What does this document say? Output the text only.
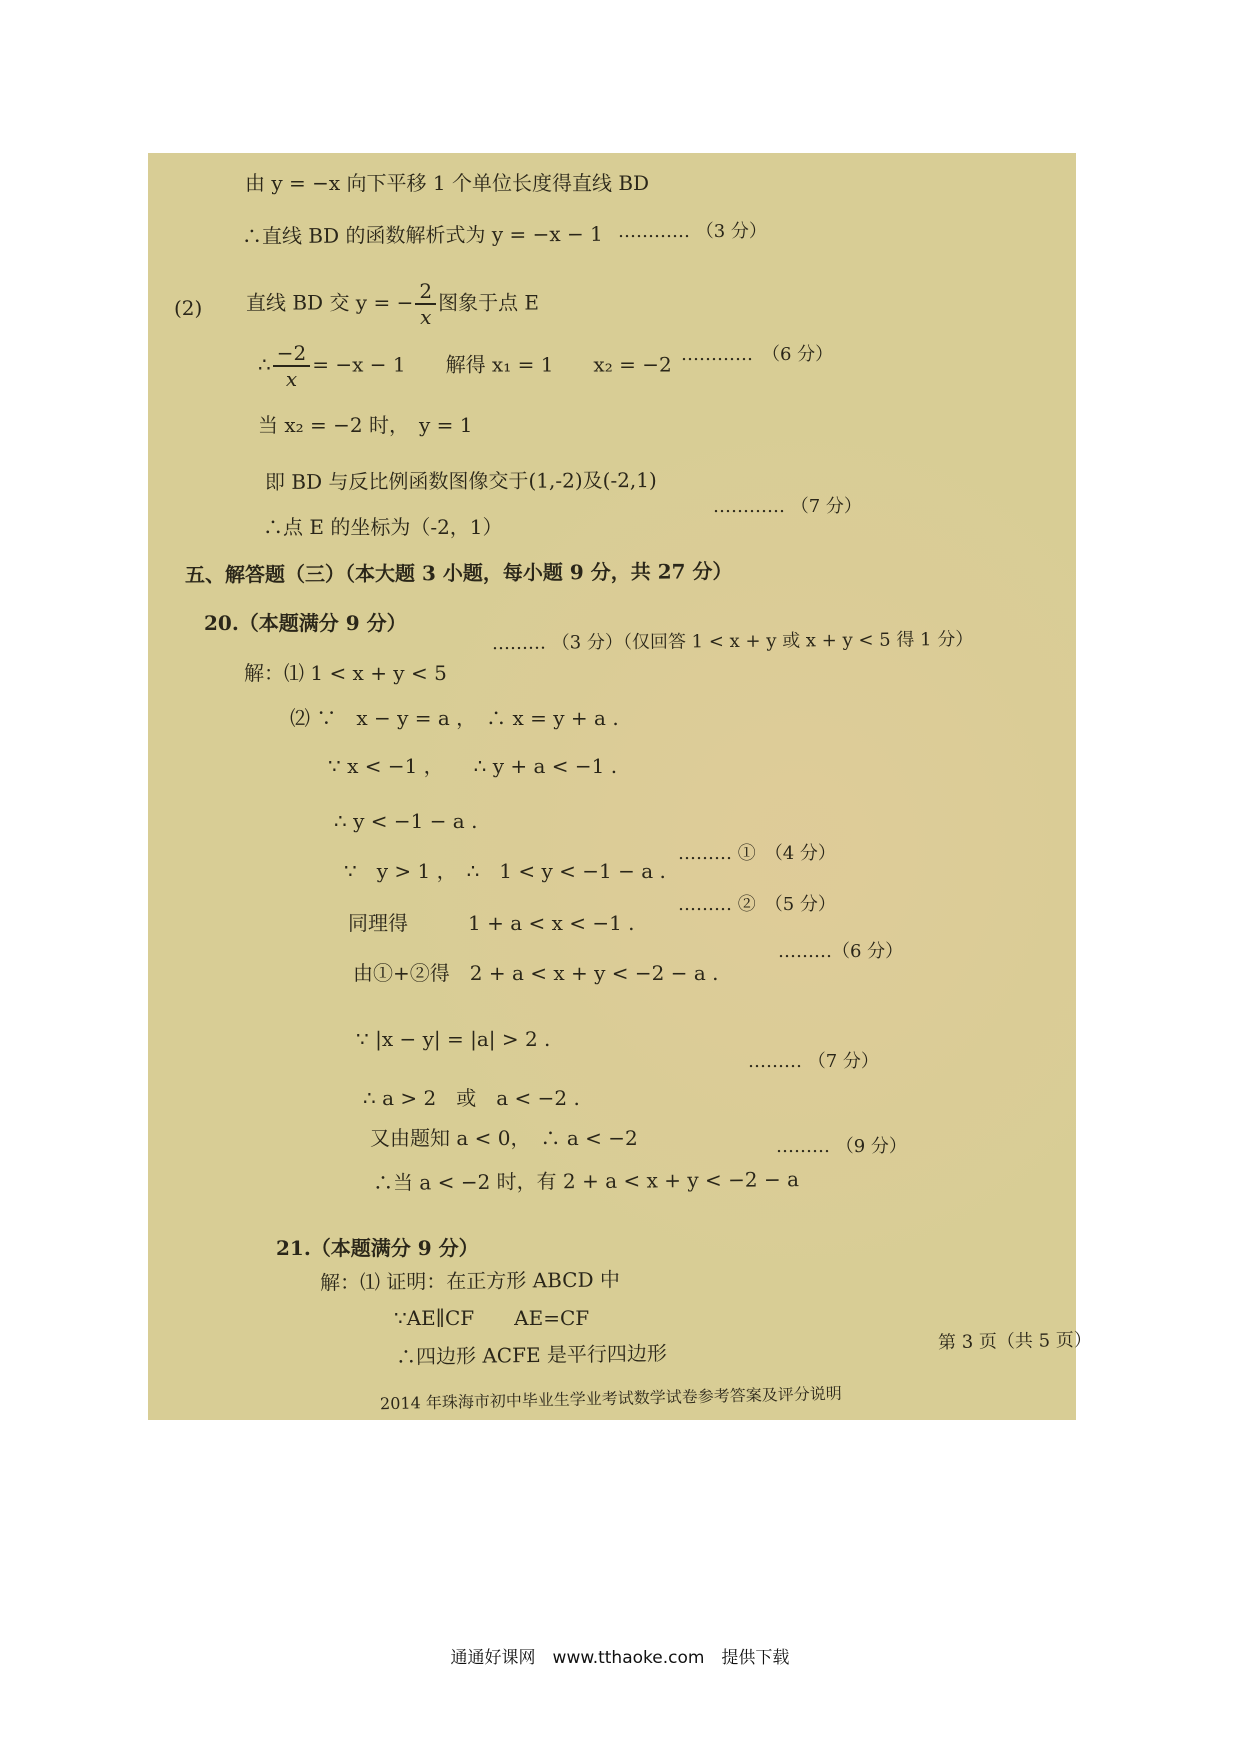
由 y = −x 向下平移 1 个单位长度得直线 BD
∴直线 BD 的函数解析式为 y = −x − 1 ………… （3 分）
(2) 直线 BD 交 y = − $\frac{2}{x}$ 图象于点 E
∴ $\frac{-2}{x} = -x - 1$　　解得 x₁ = 1　　x₂ = −2 …………　（6 分）
当 x₂ = −2 时，　y = 1
即 BD 与反比例函数图像交于(1,-2)及(-2,1)
∴点 E 的坐标为（-2，1）
………… （7 分）
五、解答题（三）（本大题 3 小题，每小题 9 分，共 27 分）
20.（本题满分 9 分）
解：⑴ 1 < x + y < 5
……… （3 分）（仅回答 1 < x + y 或 x + y < 5 得 1 分）
⑵ ∵　x − y = a ，　∴ x = y + a .
∵ x < −1 ，　　∴ y + a < −1 .
∴ y < −1 − a .
∵　y > 1 ，　∴　1 < y < −1 − a .
……… ①　（4 分）
同理得　　　1 + a < x < −1 .
……… ②　（5 分）
………（6 分）
由①+②得　2 + a < x + y < −2 − a .
∵ |x − y| = |a| > 2 .
……… （7 分）
∴ a > 2　或　a < −2 .
又由题知 a < 0，　∴ a < −2	……… （9 分）
∴当 a < −2 时，有 2 + a < x + y < −2 − a
21.（本题满分 9 分）
解：⑴ 证明：在正方形 ABCD 中
∵AE∥CF　　AE=CF
∴四边形 ACFE 是平行四边形	第 3 页（共 5 页）
2014 年珠海市初中毕业生学业考试数学试卷参考答案及评分说明
通通好课网　www.tthaoke.com　提供下载
